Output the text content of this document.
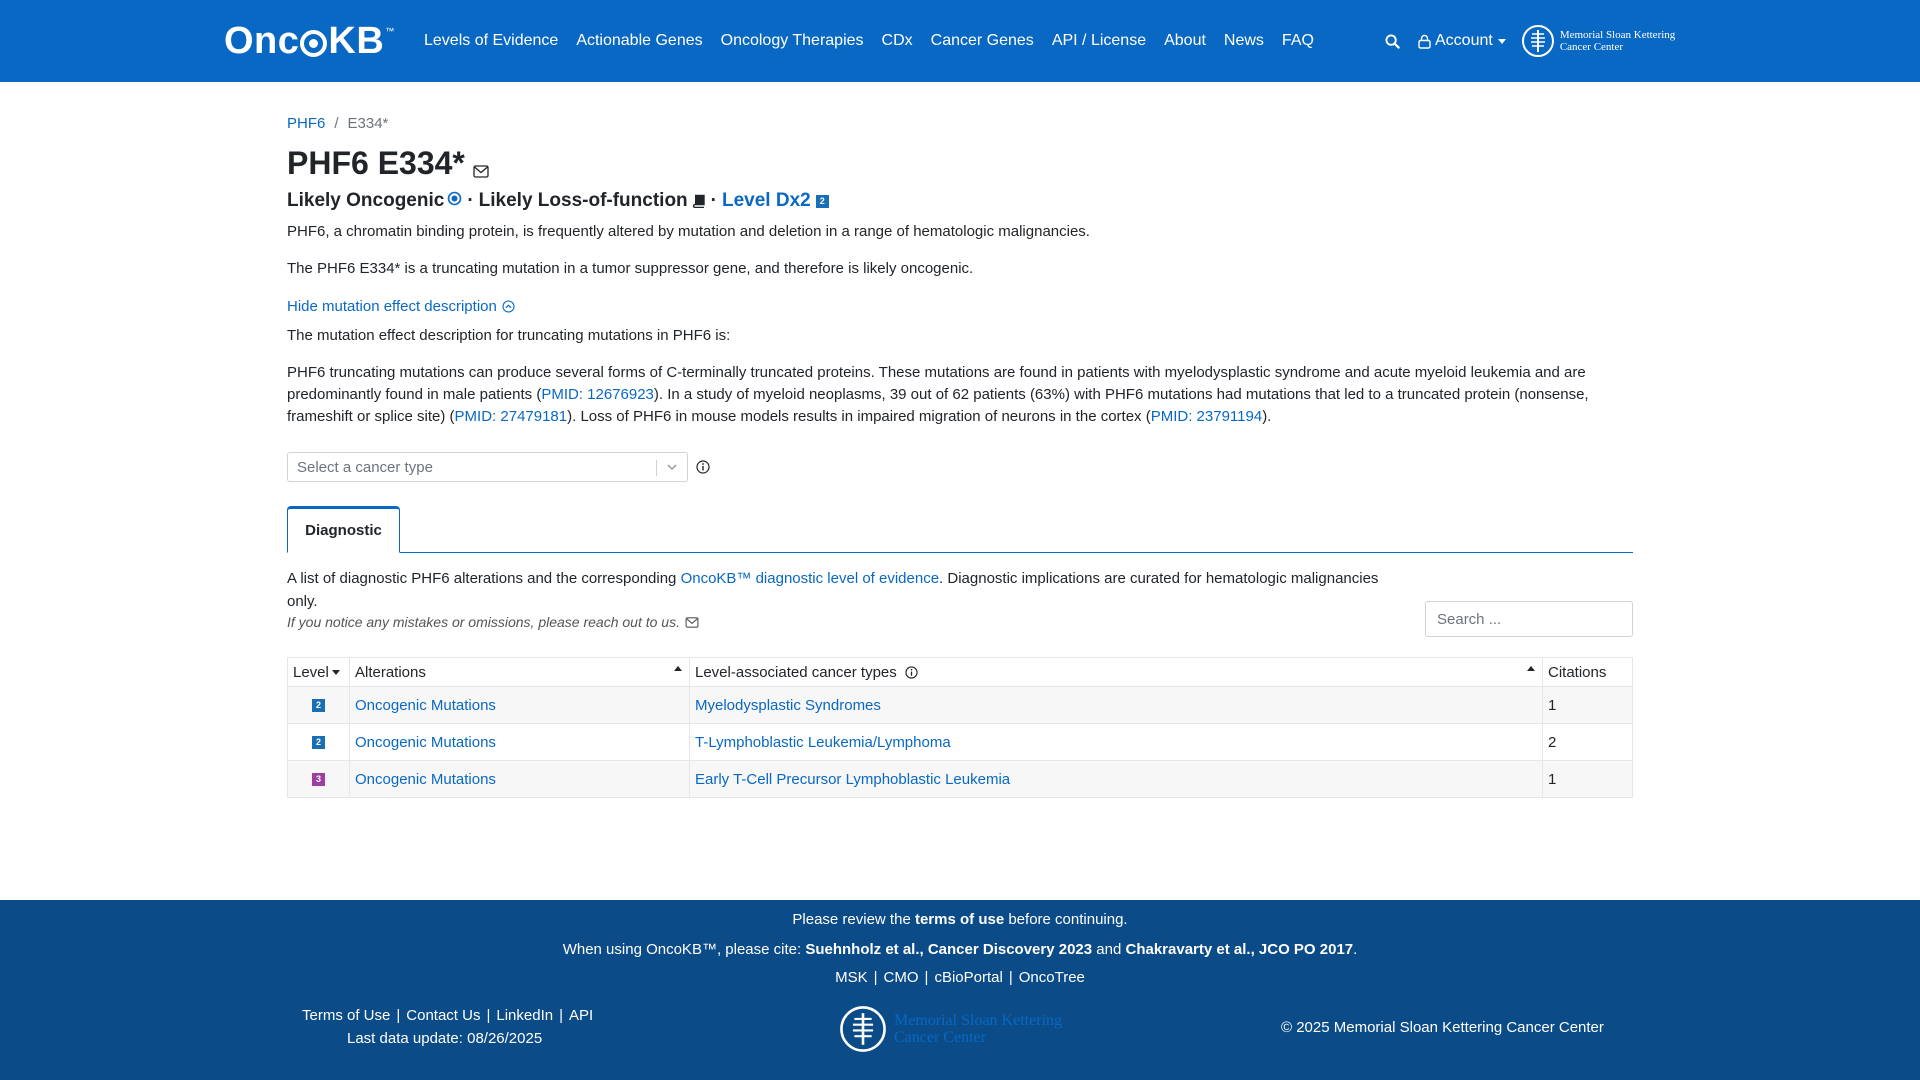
Onc KB™
Levels of Evidence	Actionable Genes	Oncology Therapies	CDx	Cancer Genes	API / License	About	News	FAQ	Account	Memorial Sloan Kettering
Cancer Center
PHF6 / E334*
PHF6 E334*
Likely Oncogenic · Likely Loss-of-function · Level Dx2 2

PHF6, a chromatin binding protein, is frequently altered by mutation and deletion in a range of hematologic malignancies.

The PHF6 E334* is a truncating mutation in a tumor suppressor gene, and therefore is likely oncogenic.

Hide mutation effect description

The mutation effect description for truncating mutations in PHF6 is:

PHF6 truncating mutations can produce several forms of C-terminally truncated proteins. These mutations are found in patients with myelodysplastic syndrome and acute myeloid leukemia and are predominantly found in male patients (PMID: 12676923). In a study of myeloid neoplasms, 39 out of 62 patients (63%) with PHF6 mutations had mutations that led to a truncated protein (nonsense, frameshift or splice site) (PMID: 27479181). Loss of PHF6 in mouse models results in impaired migration of neurons in the cortex (PMID: 23791194).

Select a cancer type
Diagnostic

A list of diagnostic PHF6 alterations and the corresponding OncoKB™ diagnostic level of evidence. Diagnostic implications are curated for hematologic malignancies only.

If you notice any mistakes or omissions, please reach out to us.
Search ...
Level	Alterations	Level-associated cancer types	Citations
2	Oncogenic Mutations	Myelodysplastic Syndromes	1
2	Oncogenic Mutations	T-Lymphoblastic Leukemia/Lymphoma	2
3	Oncogenic Mutations	Early T-Cell Precursor Lymphoblastic Leukemia	1
Please review the terms of use before continuing.
When using OncoKB™, please cite: Suehnholz et al., Cancer Discovery 2023 and Chakravarty et al., JCO PO 2017.
MSK | CMO | cBioPortal | OncoTree
Terms of Use | Contact Us | LinkedIn | API
Last data update: 08/26/2025
Memorial Sloan Kettering
Cancer Center
© 2025 Memorial Sloan Kettering Cancer Center
